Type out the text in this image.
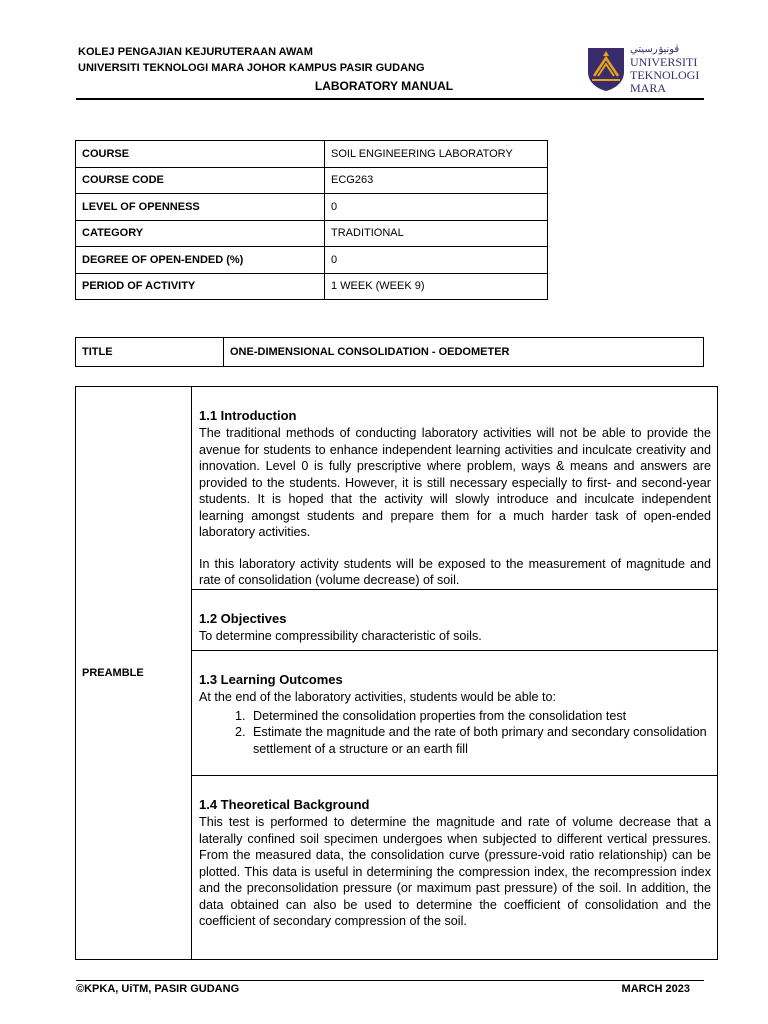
KOLEJ PENGAJIAN KEJURUTERAAN AWAM
UNIVERSITI TEKNOLOGI MARA JOHOR KAMPUS PASIR GUDANG
LABORATORY MANUAL
ڤونيۏرسيتي
UNIVERSITI
TEKNOLOGI
MARA
COURSE	SOIL ENGINEERING LABORATORY
COURSE CODE	ECG263
LEVEL OF OPENNESS	0
CATEGORY	TRADITIONAL
DEGREE OF OPEN-ENDED (%)	0
PERIOD OF ACTIVITY	1 WEEK (WEEK 9)
TITLE	ONE-DIMENSIONAL CONSOLIDATION - OEDOMETER
PREAMBLE	
1.1 Introduction

The traditional methods of conducting laboratory activities will not be able to provide the avenue for students to enhance independent learning activities and inculcate creativity and innovation. Level 0 is fully prescriptive where problem, ways & means and answers are provided to the students. However, it is still necessary especially to first- and second-year students. It is hoped that the activity will slowly introduce and inculcate independent learning amongst students and prepare them for a much harder task of open-ended laboratory activities.

In this laboratory activity students will be exposed to the measurement of magnitude and rate of consolidation (volume decrease) of soil.

1.2 Objectives

To determine compressibility characteristic of soils.

1.3 Learning Outcomes

At the end of the laboratory activities, students would be able to:

1. Determined the consolidation properties from the consolidation test
2. Estimate the magnitude and the rate of both primary and secondary consolidation settlement of a structure or an earth fill
1.4 Theoretical Background

This test is performed to determine the magnitude and rate of volume decrease that a laterally confined soil specimen undergoes when subjected to different vertical pressures. From the measured data, the consolidation curve (pressure-void ratio relationship) can be plotted. This data is useful in determining the compression index, the recompression index and the preconsolidation pressure (or maximum past pressure) of the soil. In addition, the data obtained can also be used to determine the coefficient of consolidation and the coefficient of secondary compression of the soil.

©KPKA, UiTM, PASIR GUDANG	MARCH 2023
